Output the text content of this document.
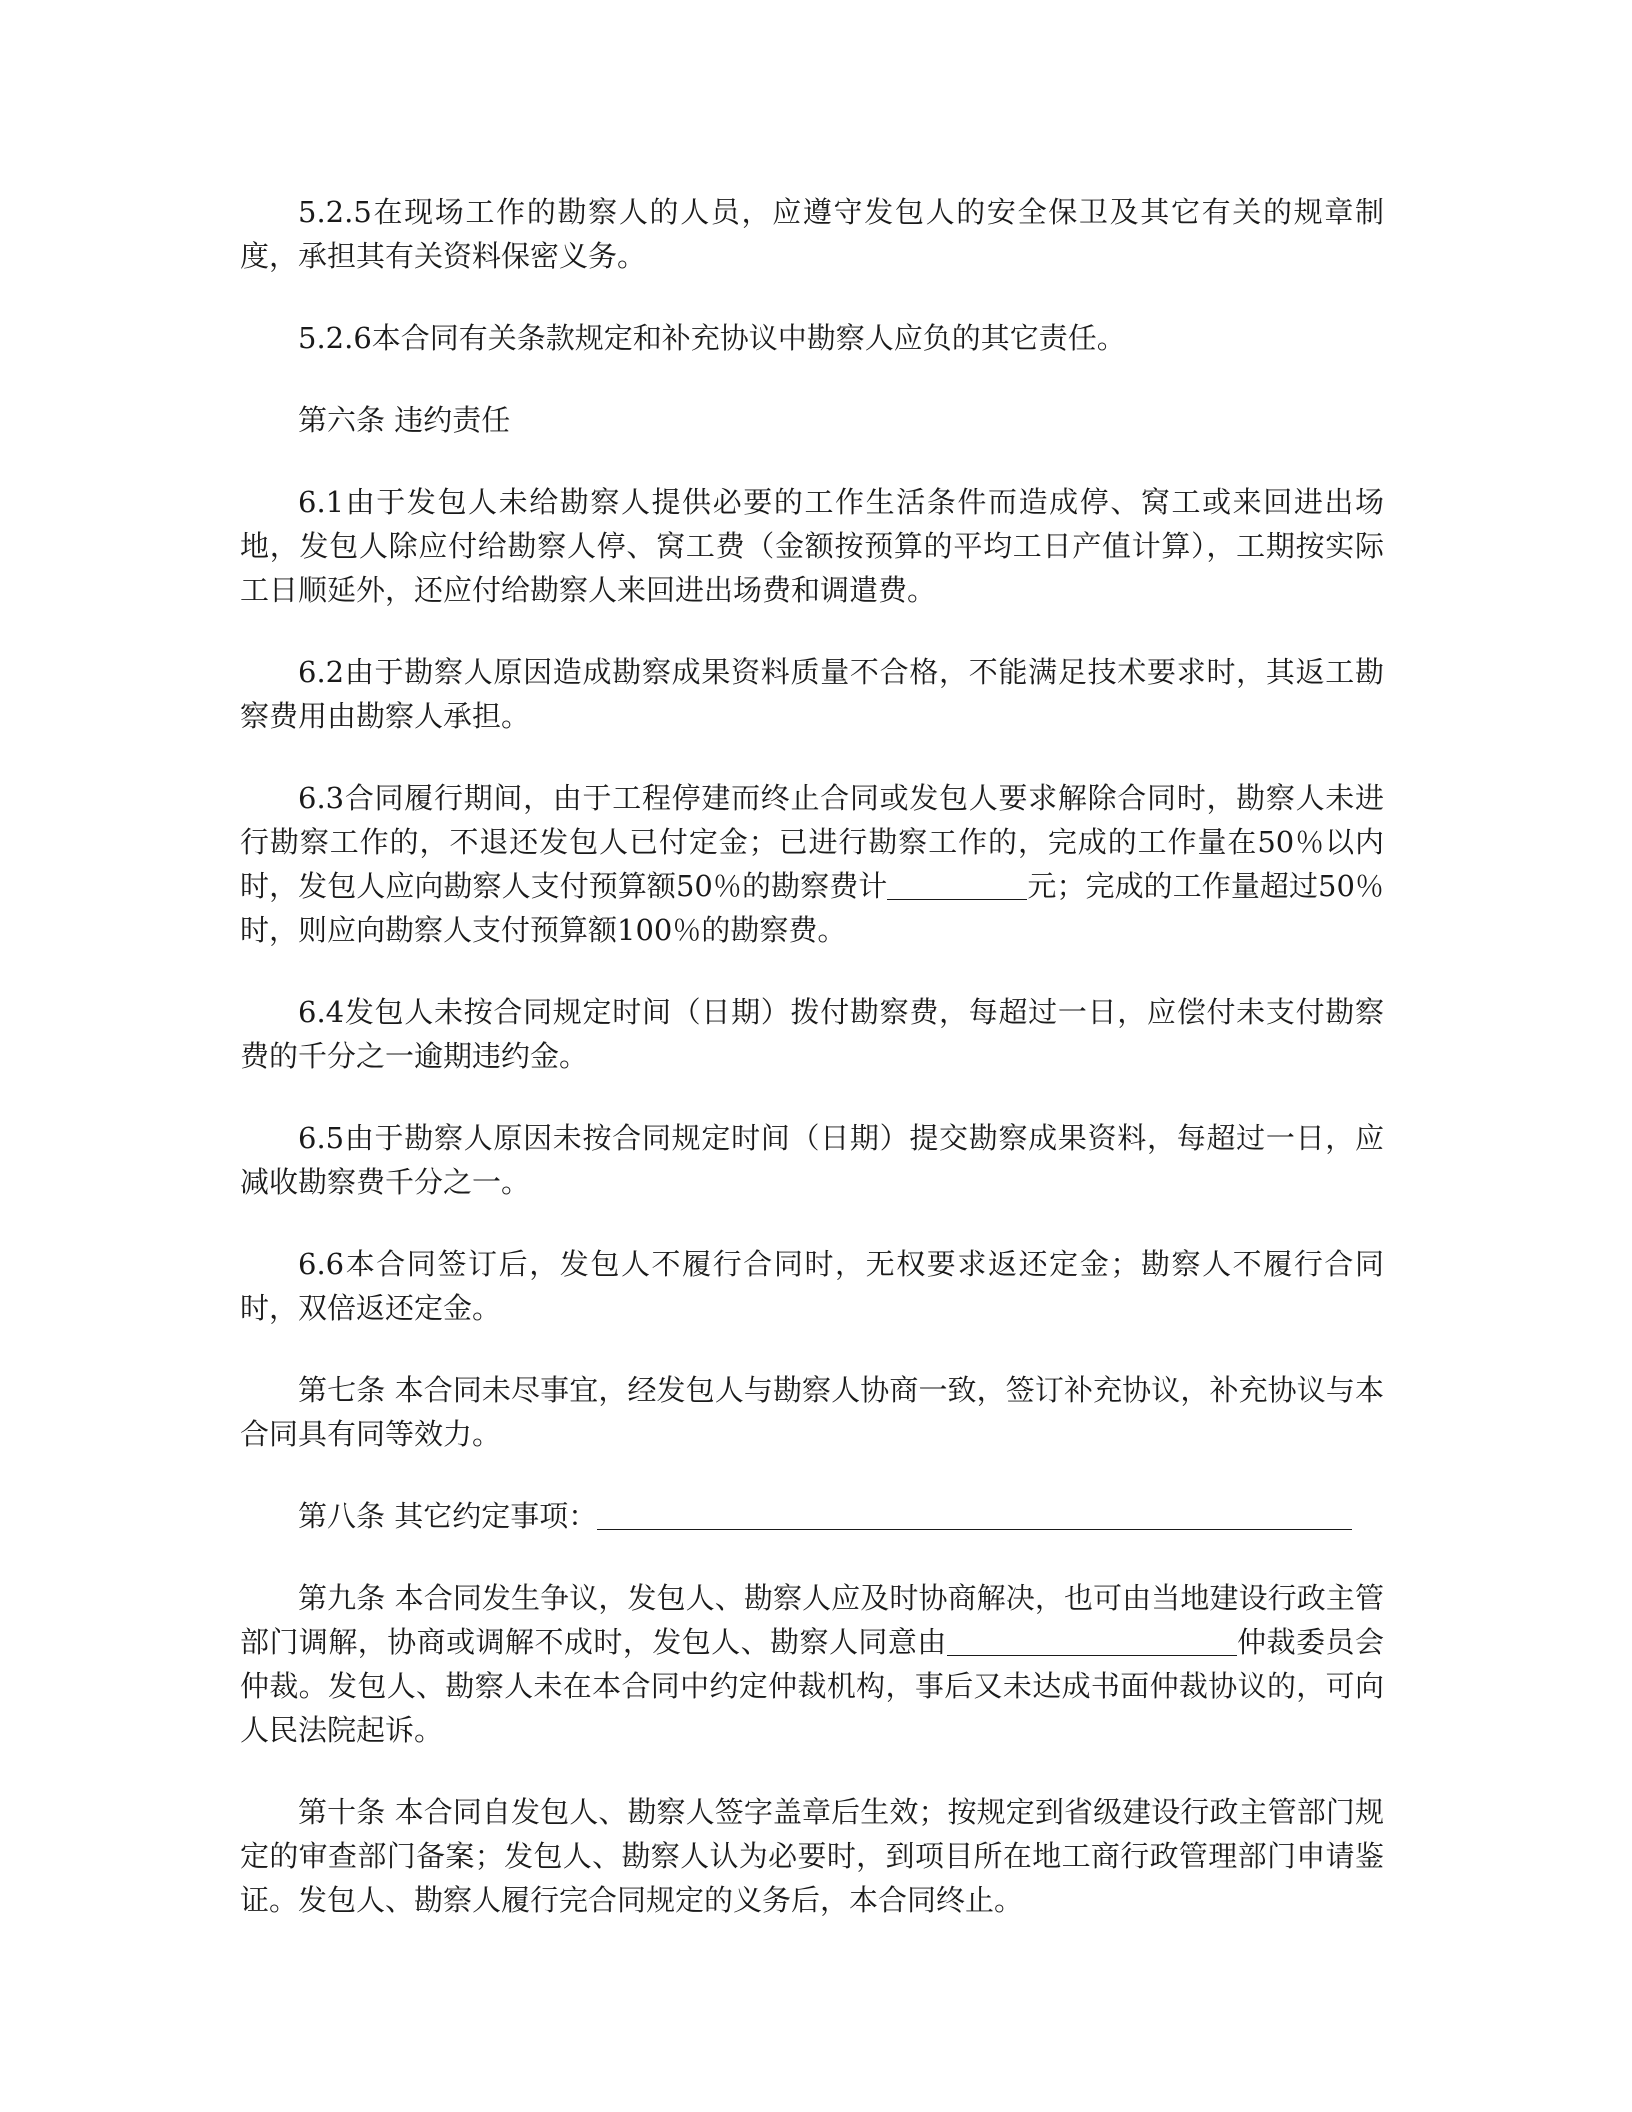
5.2.5在现场工作的勘察人的人员，应遵守发包人的安全保卫及其它有关的规章制度，承担其有关资料保密义务。

5.2.6本合同有关条款规定和补充协议中勘察人应负的其它责任。

第六条 违约责任

6.1由于发包人未给勘察人提供必要的工作生活条件而造成停、窝工或来回进出场地，发包人除应付给勘察人停、窝工费（金额按预算的平均工日产值计算），工期按实际工日顺延外，还应付给勘察人来回进出场费和调遣费。

6.2由于勘察人原因造成勘察成果资料质量不合格，不能满足技术要求时，其返工勘察费用由勘察人承担。

6.3合同履行期间，由于工程停建而终止合同或发包人要求解除合同时，勘察人未进行勘察工作的，不退还发包人已付定金；已进行勘察工作的，完成的工作量在50％以内时，发包人应向勘察人支付预算额50％的勘察费计	元；完成的工作量超过50％时，则应向勘察人支付预算额100％的勘察费。

6.4发包人未按合同规定时间（日期）拨付勘察费，每超过一日，应偿付未支付勘察费的千分之一逾期违约金。

6.5由于勘察人原因未按合同规定时间（日期）提交勘察成果资料，每超过一日，应减收勘察费千分之一。

6.6本合同签订后，发包人不履行合同时，无权要求返还定金；勘察人不履行合同时，双倍返还定金。

第七条 本合同未尽事宜，经发包人与勘察人协商一致，签订补充协议，补充协议与本合同具有同等效力。

第八条 其它约定事项：

第九条 本合同发生争议，发包人、勘察人应及时协商解决，也可由当地建设行政主管部门调解，协商或调解不成时，发包人、勘察人同意由	仲裁委员会仲裁。发包人、勘察人未在本合同中约定仲裁机构，事后又未达成书面仲裁协议的，可向人民法院起诉。

第十条 本合同自发包人、勘察人签字盖章后生效；按规定到省级建设行政主管部门规定的审查部门备案；发包人、勘察人认为必要时，到项目所在地工商行政管理部门申请鉴证。发包人、勘察人履行完合同规定的义务后，本合同终止。
